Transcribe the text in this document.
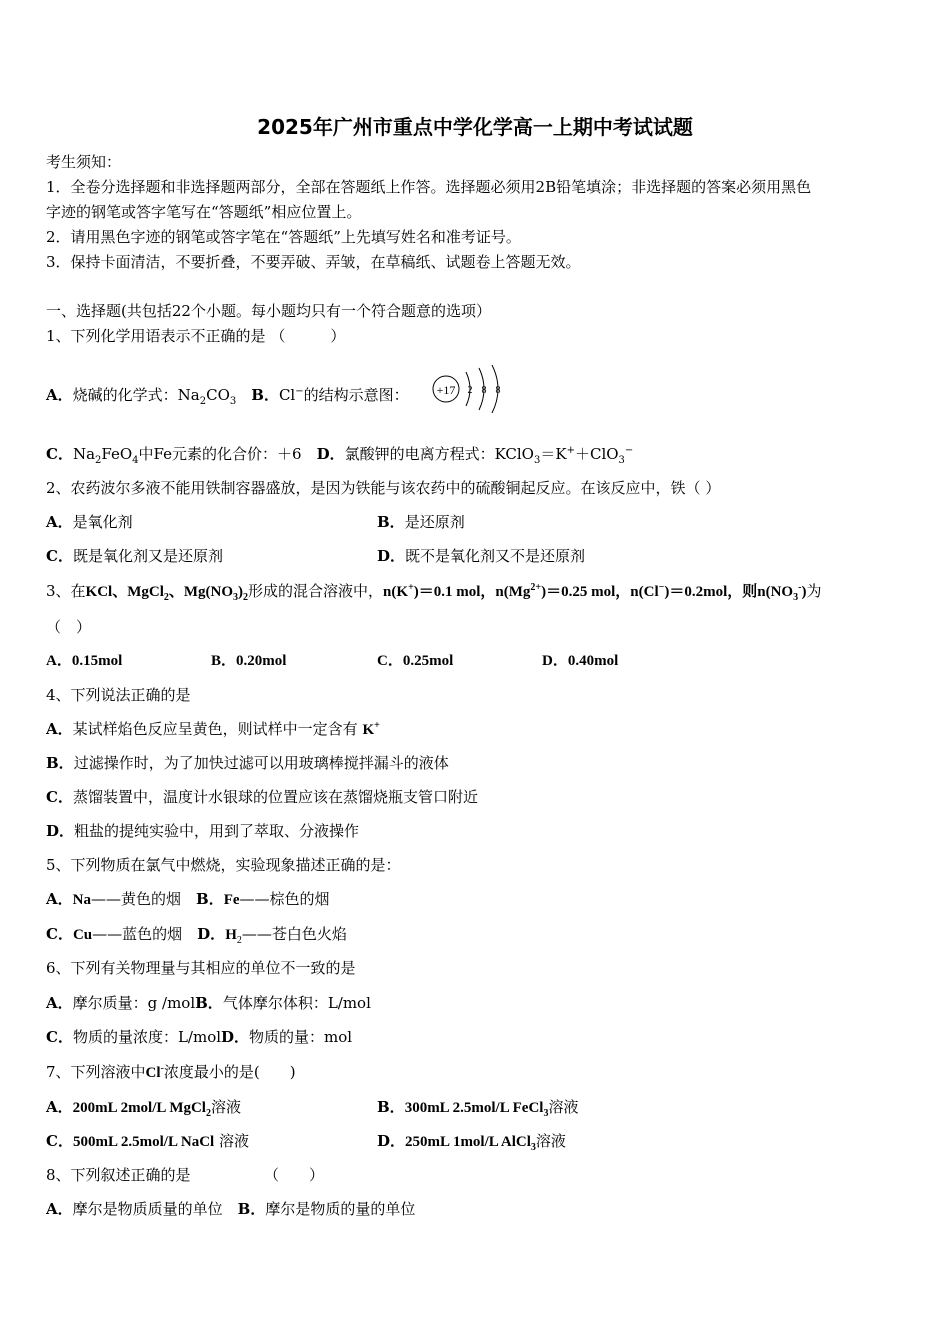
2025年广州市重点中学化学高一上期中考试试题
考生须知：
1．全卷分选择题和非选择题两部分，全部在答题纸上作答。选择题必须用2B铅笔填涂；非选择题的答案必须用黑色
字迹的钢笔或答字笔写在“答题纸”相应位置上。
2．请用黑色字迹的钢笔或答字笔在“答题纸”上先填写姓名和准考证号。
3．保持卡面清洁，不要折叠，不要弄破、弄皱，在草稿纸、试题卷上答题无效。
一、选择题(共包括22个小题。每小题均只有一个符合题意的选项）
1、下列化学用语表示不正确的是 （　　　）
A．烧碱的化学式：$Na_2CO_3$　 B．Cl−的结构示意图： +17 2 8 8
C．$Na_2FeO_4$中Fe元素的化合价：＋6　 D．氯酸钾的电离方程式：KClO$_3$＝K+＋ClO$_3$−
2、农药波尔多液不能用铁制容器盛放，是因为铁能与该农药中的硫酸铜起反应。在该反应中，铁（ ）
A．是氧化剂	B．是还原剂
C．既是氧化剂又是还原剂	D．既不是氧化剂又不是还原剂
3、在KCl、MgCl$_2$、$Mg(NO_3)_2$形成的混合溶液中，n(K+)＝0.1 mol，$n(Mg^{2+})=0.25$ mol，n(Cl−)＝0.2mol，则$n(NO_3^-)$为
（　）
A．0.15mol	B．0.20mol	C．0.25mol	D．0.40mol
4、下列说法正确的是
A．某试样焰色反应呈黄色，则试样中一定含有 K+
B．过滤操作时，为了加快过滤可以用玻璃棒搅拌漏斗的液体
C．蒸馏装置中，温度计水银球的位置应该在蒸馏烧瓶支管口附近
D．粗盐的提纯实验中，用到了萃取、分液操作
5、下列物质在氯气中燃烧，实验现象描述正确的是：
A．Na——黄色的烟　 B．Fe——棕色的烟
C．Cu——蓝色的烟　 D．$H_2——$苍白色火焰
6、下列有关物理量与其相应的单位不一致的是
A．摩尔质量：g /molB．气体摩尔体积：L/mol
C．物质的量浓度：L/molD．物质的量：mol
7、下列溶液中Cl-浓度最小的是(　　)
A．200mL 2mol/L MgCl$_2$溶液	B．300mL 2.5mol/L FeCl$_3$溶液
C．500mL 2.5mol/L NaCl 溶液	D．250mL 1mol/L AlCl$_3$溶液
8、下列叙述正确的是	（　　）
A．摩尔是物质质量的单位　 B．摩尔是物质的量的单位
